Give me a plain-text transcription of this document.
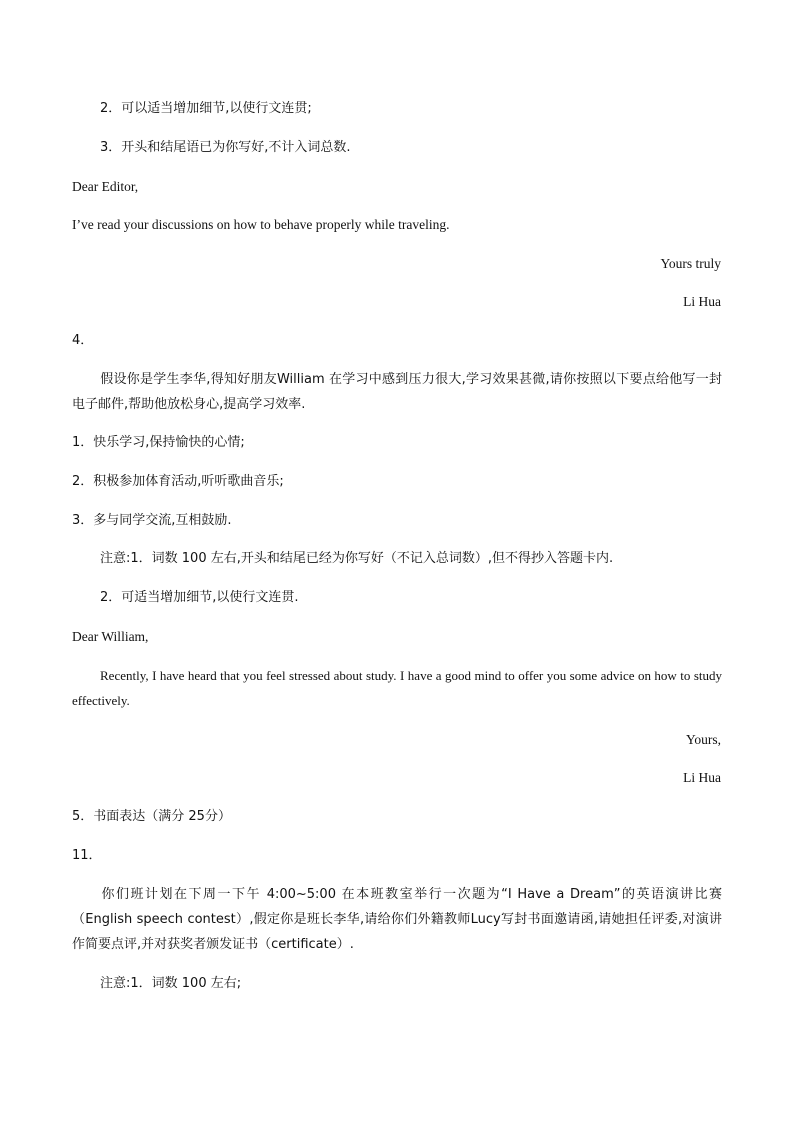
2．可以适当增加细节,以使行文连贯;
3．开头和结尾语已为你写好,不计入词总数.
Dear Editor,
I’ve read your discussions on how to behave properly while traveling.
Yours truly
Li Hua
4．
假设你是学生李华,得知好朋友William 在学习中感到压力很大,学习效果甚微,请你按照以下要点给他写一封电子邮件,帮助他放松身心,提高学习效率.
1．快乐学习,保持愉快的心情;
2．积极参加体育活动,听听歌曲音乐;
3．多与同学交流,互相鼓励.
注意:1．词数 100 左右,开头和结尾已经为你写好（不记入总词数）,但不得抄入答题卡内.
2．可适当增加细节,以使行文连贯.
Dear William,
Recently, I have heard that you feel stressed about study. I have a good mind to offer you some advice on how to study effectively.
Yours,
Li Hua
5．书面表达（满分 25分）
11．
你们班计划在下周一下午 4:00~5:00 在本班教室举行一次题为“I Have a Dream”的英语演讲比赛（English speech contest）,假定你是班长李华,请给你们外籍教师Lucy写封书面邀请函,请她担任评委,对演讲作简要点评,并对获奖者颁发证书（certificate）.
注意:1．词数 100 左右;
